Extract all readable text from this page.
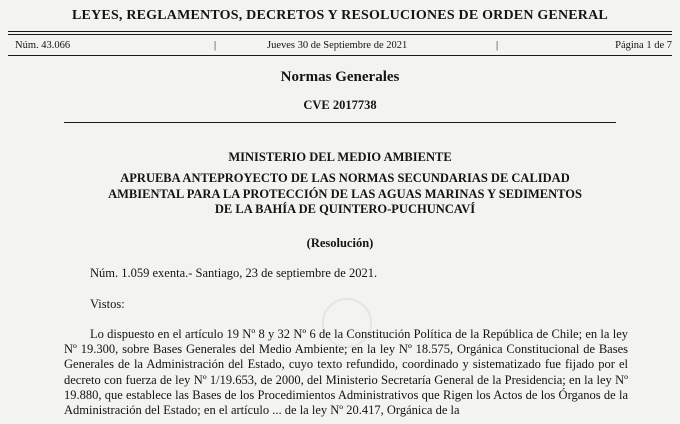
LEYES, REGLAMENTOS, DECRETOS Y RESOLUCIONES DE ORDEN GENERAL
Núm. 43.066	|	Jueves 30 de Septiembre de 2021	|	Página 1 de 7
Normas Generales
CVE 2017738
MINISTERIO DEL MEDIO AMBIENTE
APRUEBA ANTEPROYECTO DE LAS NORMAS SECUNDARIAS DE CALIDAD
AMBIENTAL PARA LA PROTECCIÓN DE LAS AGUAS MARINAS Y SEDIMENTOS
DE LA BAHÍA DE QUINTERO-PUCHUNCAVÍ
(Resolución)
Núm. 1.059 exenta.- Santiago, 23 de septiembre de 2021.
Vistos:
Lo dispuesto en el artículo 19 Nº 8 y 32 Nº 6 de la Constitución Política de la República de Chile; en la ley Nº 19.300, sobre Bases Generales del Medio Ambiente; en la ley Nº 18.575, Orgánica Constitucional de Bases Generales de la Administración del Estado, cuyo texto refundido, coordinado y sistematizado fue fijado por el decreto con fuerza de ley Nº 1/19.653, de 2000, del Ministerio Secretaría General de la Presidencia; en la ley Nº 19.880, que establece las Bases de los Procedimientos Administrativos que Rigen los Actos de los Órganos de la Administración del Estado; en el artículo ... de la ley Nº 20.417, Orgánica de la
